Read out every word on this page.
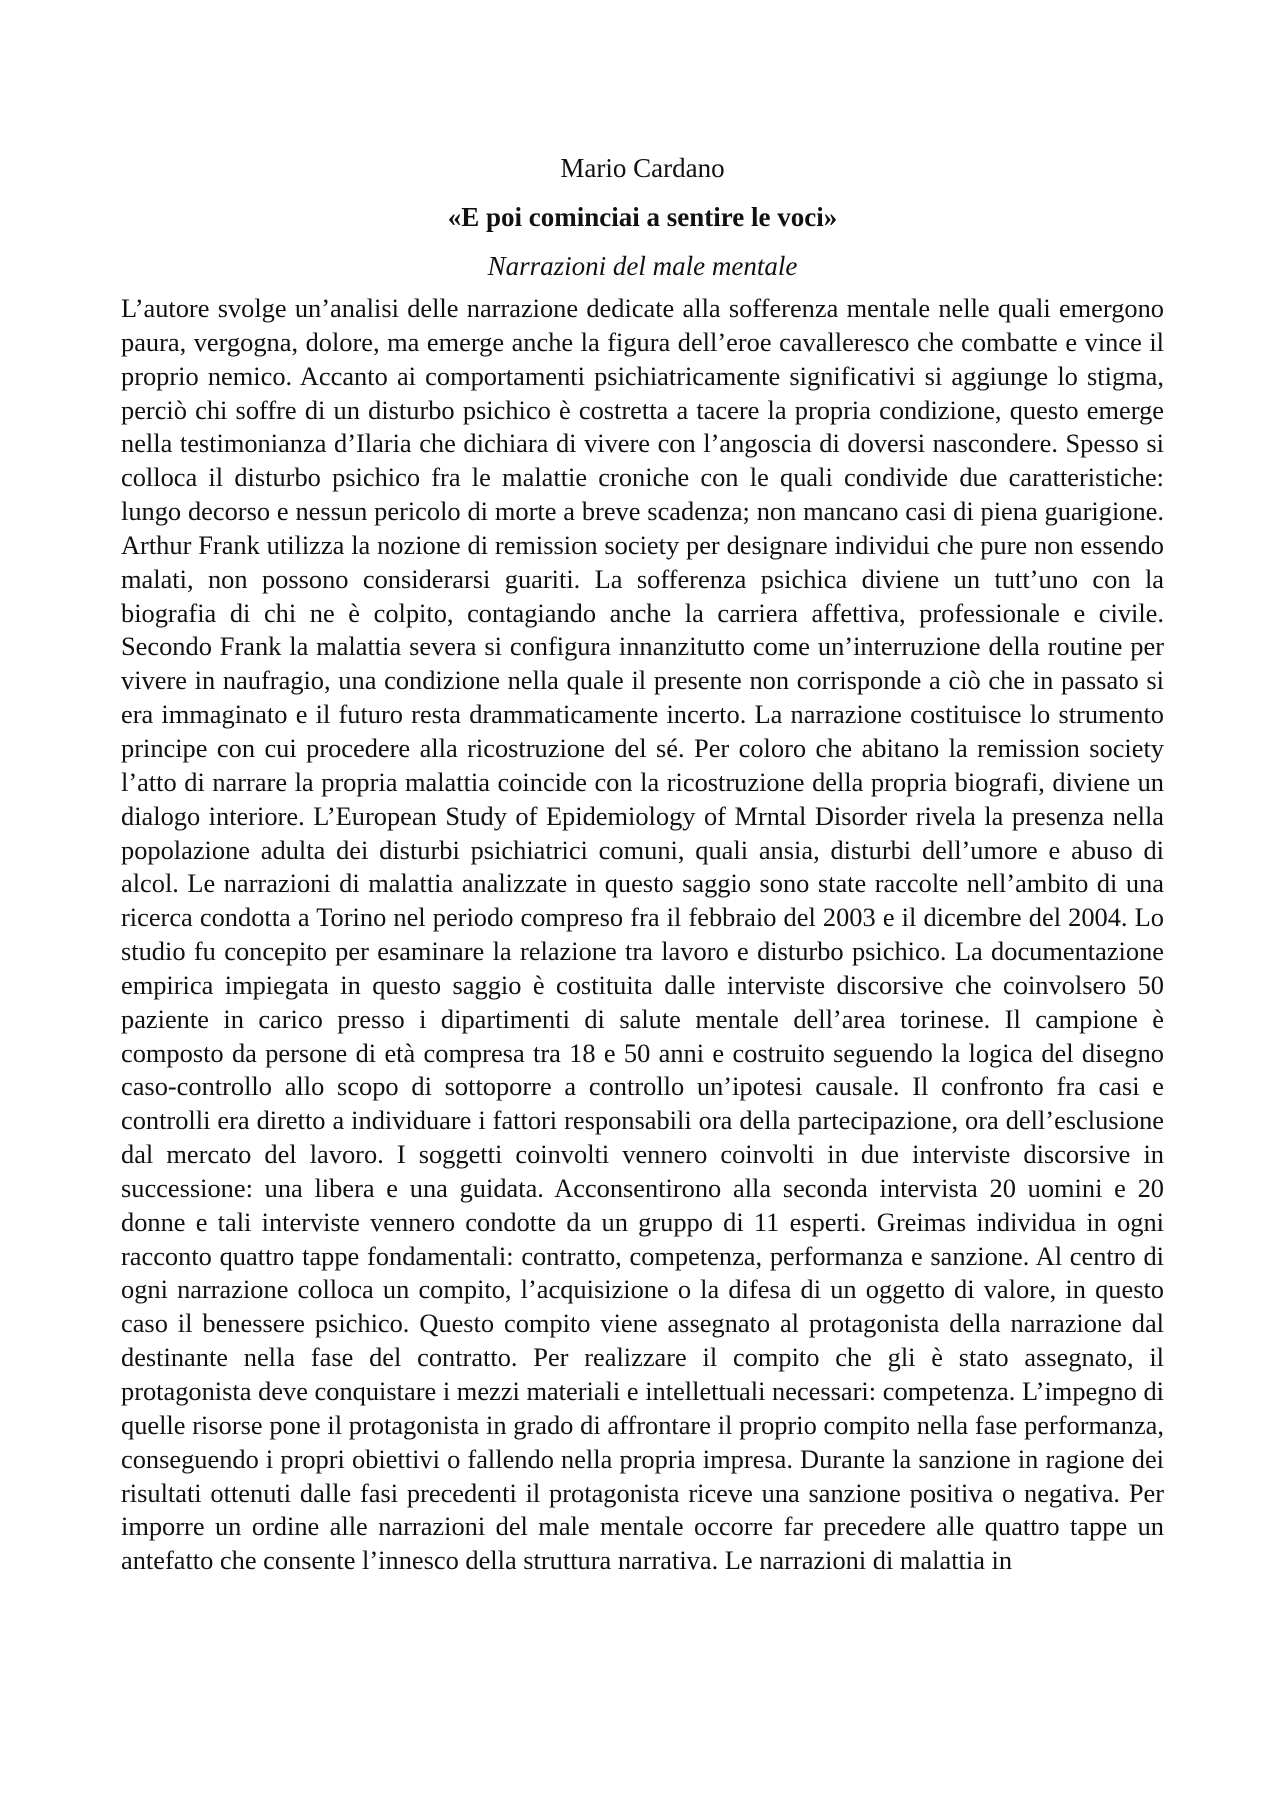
Mario Cardano

«E poi cominciai a sentire le voci»

Narrazioni del male mentale

L’autore svolge un’analisi delle narrazione dedicate alla sofferenza mentale nelle quali emergono paura, vergogna, dolore, ma emerge anche la figura dell’eroe cavalleresco che combatte e vince il proprio nemico. Accanto ai comportamenti psichiatricamente significativi si aggiunge lo stigma, perciò chi soffre di un disturbo psichico è costretta a tacere la propria condizione, questo emerge nella testimonianza d’Ilaria che dichiara di vivere con l’angoscia di doversi nascondere. Spesso si colloca il disturbo psichico fra le malattie croniche con le quali condivide due caratteristiche: lungo decorso e nessun pericolo di morte a breve scadenza; non mancano casi di piena guarigione. Arthur Frank utilizza la nozione di remission society per designare individui che pure non essendo malati, non possono considerarsi guariti. La sofferenza psichica diviene un tutt’uno con la biografia di chi ne è colpito, contagiando anche la carriera affettiva, professionale e civile. Secondo Frank la malattia severa si configura innanzitutto come un’interruzione della routine per vivere in naufragio, una condizione nella quale il presente non corrisponde a ciò che in passato si era immaginato e il futuro resta drammaticamente incerto. La narrazione costituisce lo strumento principe con cui procedere alla ricostruzione del sé. Per coloro che abitano la remission society l’atto di narrare la propria malattia coincide con la ricostruzione della propria biografi, diviene un dialogo interiore. L’European Study of Epidemiology of Mrntal Disorder rivela la presenza nella popolazione adulta dei disturbi psichiatrici comuni, quali ansia, disturbi dell’umore e abuso di alcol. Le narrazioni di malattia analizzate in questo saggio sono state raccolte nell’ambito di una ricerca condotta a Torino nel periodo compreso fra il febbraio del 2003 e il dicembre del 2004. Lo studio fu concepito per esaminare la relazione tra lavoro e disturbo psichico. La documentazione empirica impiegata in questo saggio è costituita dalle interviste discorsive che coinvolsero 50 paziente in carico presso i dipartimenti di salute mentale dell’area torinese. Il campione è composto da persone di età compresa tra 18 e 50 anni e costruito seguendo la logica del disegno caso-controllo allo scopo di sottoporre a controllo un’ipotesi causale. Il confronto fra casi e controlli era diretto a individuare i fattori responsabili ora della partecipazione, ora dell’esclusione dal mercato del lavoro. I soggetti coinvolti vennero coinvolti in due interviste discorsive in successione: una libera e una guidata. Acconsentirono alla seconda intervista 20 uomini e 20 donne e tali interviste vennero condotte da un gruppo di 11 esperti. Greimas individua in ogni racconto quattro tappe fondamentali: contratto, competenza, performanza e sanzione. Al centro di ogni narrazione colloca un compito, l’acquisizione o la difesa di un oggetto di valore, in questo caso il benessere psichico. Questo compito viene assegnato al protagonista della narrazione dal destinante nella fase del contratto. Per realizzare il compito che gli è stato assegnato, il protagonista deve conquistare i mezzi materiali e intellettuali necessari: competenza. L’impegno di quelle risorse pone il protagonista in grado di affrontare il proprio compito nella fase performanza, conseguendo i propri obiettivi o fallendo nella propria impresa. Durante la sanzione in ragione dei risultati ottenuti dalle fasi precedenti il protagonista riceve una sanzione positiva o negativa. Per imporre un ordine alle narrazioni del male mentale occorre far precedere alle quattro tappe un antefatto che consente l’innesco della struttura narrativa. Le narrazioni di malattia in
